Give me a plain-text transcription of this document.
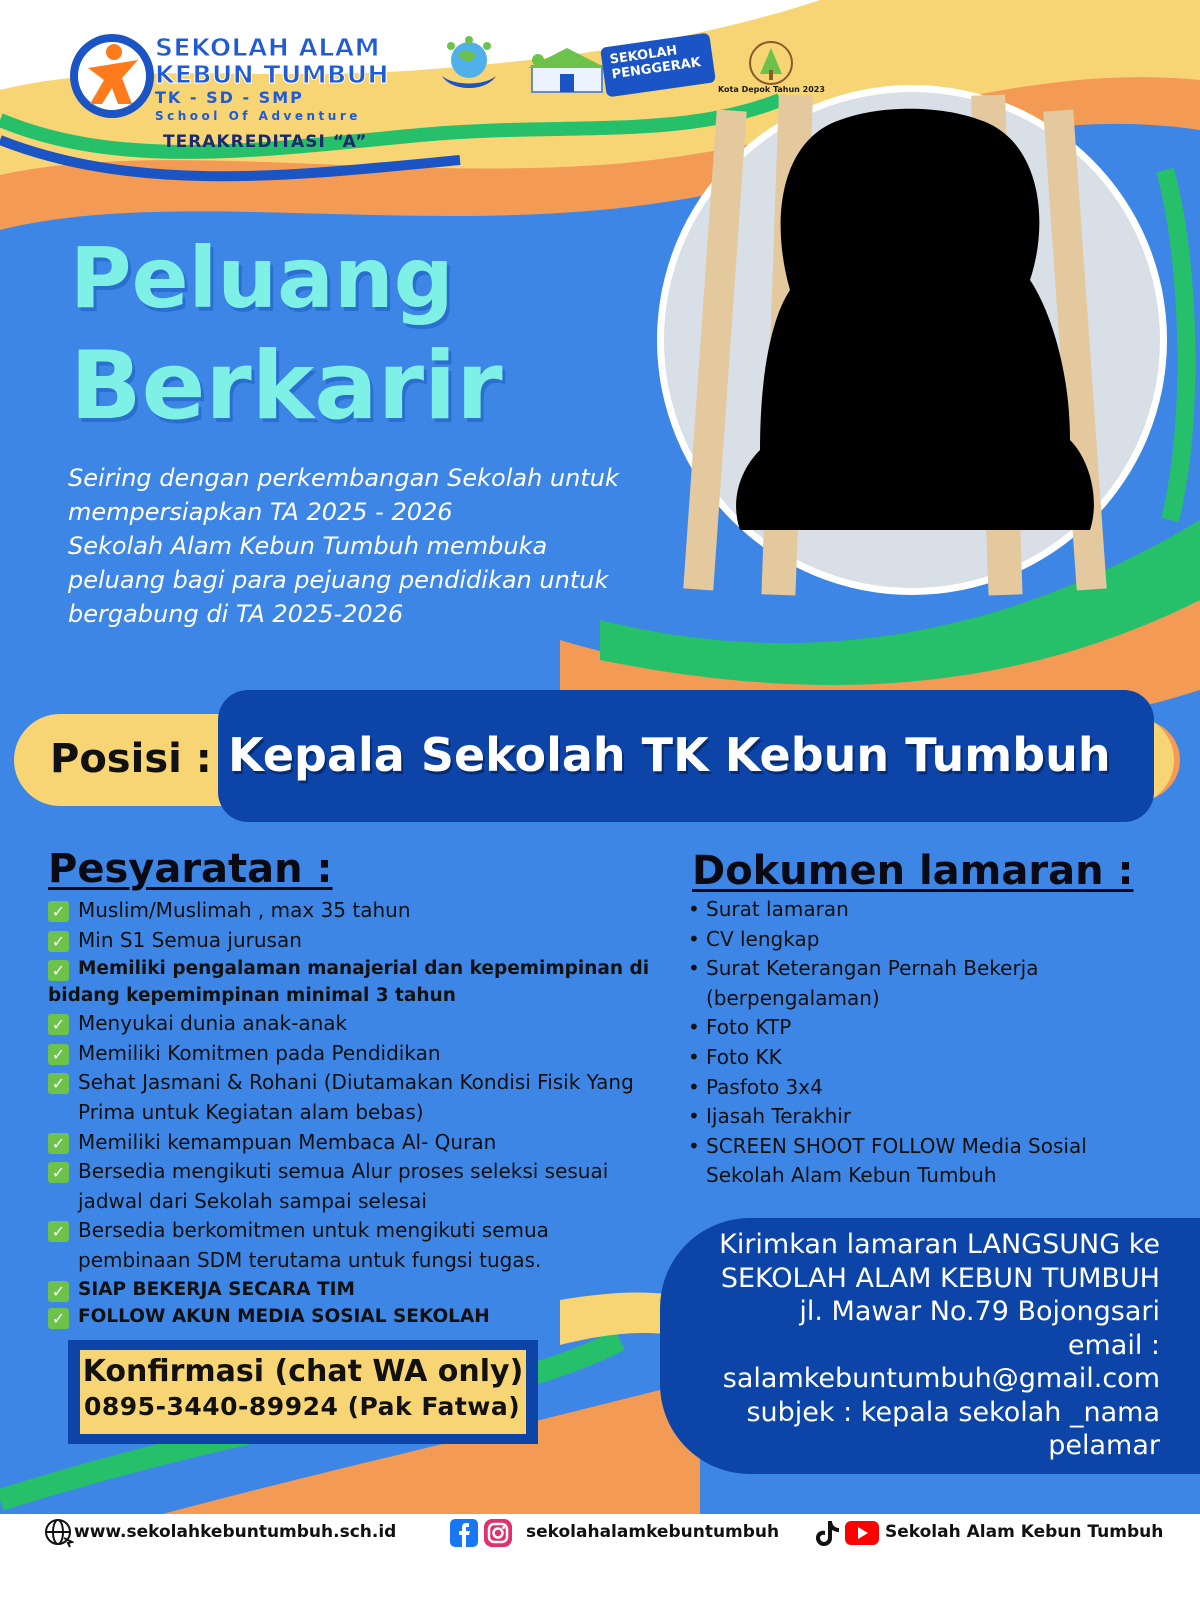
SEKOLAH ALAM
KEBUN TUMBUH
TK - SD - SMP
School Of Adventure
TERAKREDITASI “A”
SEKOLAH PENGGERAK
Kota Depok Tahun 2023
Peluang
Berkarir
Seiring dengan perkembangan Sekolah untuk
mempersiapkan TA 2025 - 2026
Sekolah Alam Kebun Tumbuh membuka
peluang bagi para pejuang pendidikan untuk
bergabung di TA 2025-2026
Posisi : Kepala Sekolah TK Kebun Tumbuh
Pesyaratan :
✓ Muslim/Muslimah , max 35 tahun
✓ Min S1 Semua jurusan
✓ Memiliki pengalaman manajerial dan kepemimpinan di bidang kepemimpinan minimal 3 tahun
✓ Menyukai dunia anak-anak
✓ Memiliki Komitmen pada Pendidikan
✓ Sehat Jasmani & Rohani (Diutamakan Kondisi Fisik Yang Prima untuk Kegiatan alam bebas)
✓ Memiliki kemampuan Membaca Al- Quran
✓ Bersedia mengikuti semua Alur proses seleksi sesuai jadwal dari Sekolah sampai selesai
✓ Bersedia berkomitmen untuk mengikuti semua pembinaan SDM terutama untuk fungsi tugas.
✓ SIAP BEKERJA SECARA TIM
✓ FOLLOW AKUN MEDIA SOSIAL SEKOLAH
Dokumen lamaran :
• Surat lamaran
• CV lengkap
• Surat Keterangan Pernah Bekerja (berpengalaman)
• Foto KTP
• Foto KK
• Pasfoto 3x4
• Ijasah Terakhir
• SCREEN SHOOT FOLLOW Media Sosial Sekolah Alam Kebun Tumbuh
Konfirmasi (chat WA only)
0895-3440-89924 (Pak Fatwa)
Kirimkan lamaran LANGSUNG ke
SEKOLAH ALAM KEBUN TUMBUH
jl. Mawar No.79 Bojongsari
email :
salamkebuntumbuh@gmail.com
subjek : kepala sekolah _nama
pelamar
www.sekolahkebuntumbuh.sch.id	sekolahalamkebuntumbuh	Sekolah Alam Kebun Tumbuh
